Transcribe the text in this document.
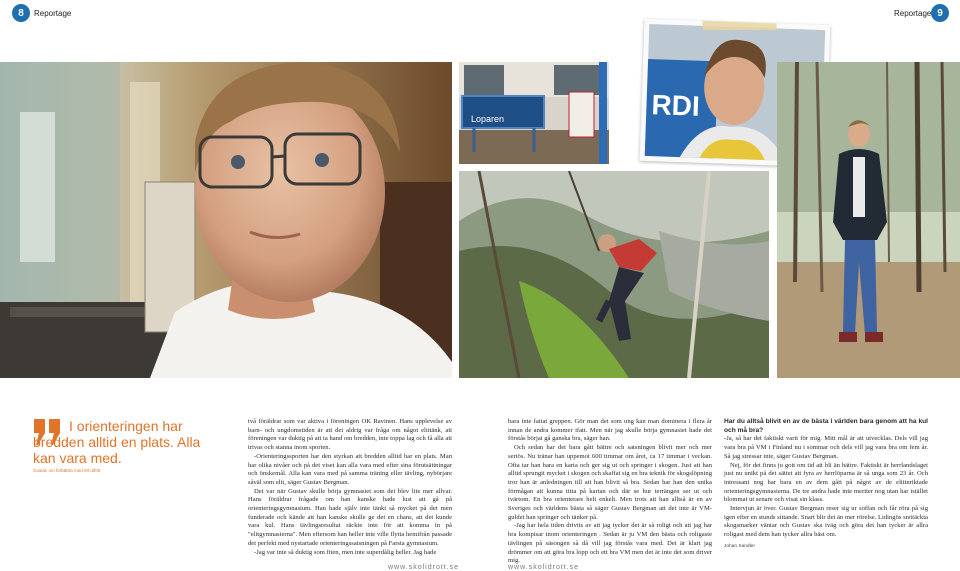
8	Reportage	Reportage 9
Loparen	RDI
I orienteringen har bredden alltid en plats. Alla kan vara med.
Gustav om förbättra med ett utfört

två föräldrar som var aktiva i föreningen OK Ravinen. Hans upplevelse av barn- och ungdomstiden är att det aldrig var fråga om något elittänk, att föreningen var duktig på att ta hand om bredden, inte toppa lag och få alla att trivas och stanna inom sporten.

-Orienteringssporten har den styrkan att bredden alltid har en plats. Man har olika nivåer och på det viset kan alla vara med efter sina förutsättningar och önskemål. Alla kan vara med på samma träning eller tävling, nybörjare såväl som elit, säger Gustav Bergman.

Det var när Gustav skulle börja gymnasiet som det blev lite mer allvar. Hans föräldrar frågade om han kanske hade lust att gå på orienteringsgymnasium. Han hade själv inte tänkt så mycket på det men funderade och kände att han kanske skulle ge det en chans, att det kunde vara kul. Hans tävlingsresultat räckte inte för att komma in på "elitgymnasierna". Men eftersom han heller inte ville flytta hemifrån passade det perfekt med nystartade orienteringssatsningen på Farsta gymnasium.

-Jag var inte så duktig som fiten, men inte superdålig heller. Jag hade

bara inte fattat greppen. Gör man det som ung kan man dominera i flera år innan de andra kommer ifatt. Men när jag skulle börja gymnasiet hade det förstås börjat gå ganska bra, säger han.

Och sedan har det bara gått bättre och satsningen blivit mer och mer seriös. Nu tränar han uppemot 600 timmar om året, ca 17 timmar i veckan. Ofta tar han bara en karta och ger sig ut och springer i skogen. Just att han alltid sprungit mycket i skogen och skaffat sig en bra teknik för skogslöpning tror han är anledningen till att han blivit så bra. Sedan har han den unika förmågan att kunna titta på kartan och där se hur terrängen ser ut och tvärtom. En bra orienterare helt enkelt. Men trots att han alltså är en av Sveriges och världens bästa så säger Gustav Bergman att det inte är VM-guldet han springer och tänker på.

-Jag har hela tiden drivits av att jag tycker det är så roligt och att jag har bra kompisar inom orienteringen . Sedan är ju VM den bästa och roligaste tävlingen på säsongen så då vill jag förstås vara med. Det är klart jag drömmer om att göra bra lopp och ett bra VM men det är inte det som driver mig.

Har du alltså blivit en av de bästa i världen bara genom att ha kul och må bra?

-Ja, så har det faktiskt varit för mig. Mitt mål är att utvecklas. Dels vill jag vara bra på VM i Finland nu i sommar och dels vill jag vara bra om fem år. Så jag stressar inte, säger Gustav Bergman.

Nej, för det finns ju gott om tid att bli än bättre. Faktiskt är herrlandslaget just nu unikt på det sättet att fyra av herrlöparna är så unga som 23 år. Och intressant nog har bara en av dem gått på något av de elitinriktade orienteringsgymnasierna. De tre andra hade inte meriter nog utan har istället blommat ut senare och visat sin klass.

Intervjun är över. Gustav Bergman reser sig ur soffan och får röra på sig igen efter en stunds sittande. Snart blir det än mer rörelse. Lidingös snötäckta skogsmarker väntar och Gustav ska iväg och göra det han tycker är allra roligast med dem han tycker allra bäst om.

Johan Sandler
www.skolidrott.se	www.skolidrott.se
